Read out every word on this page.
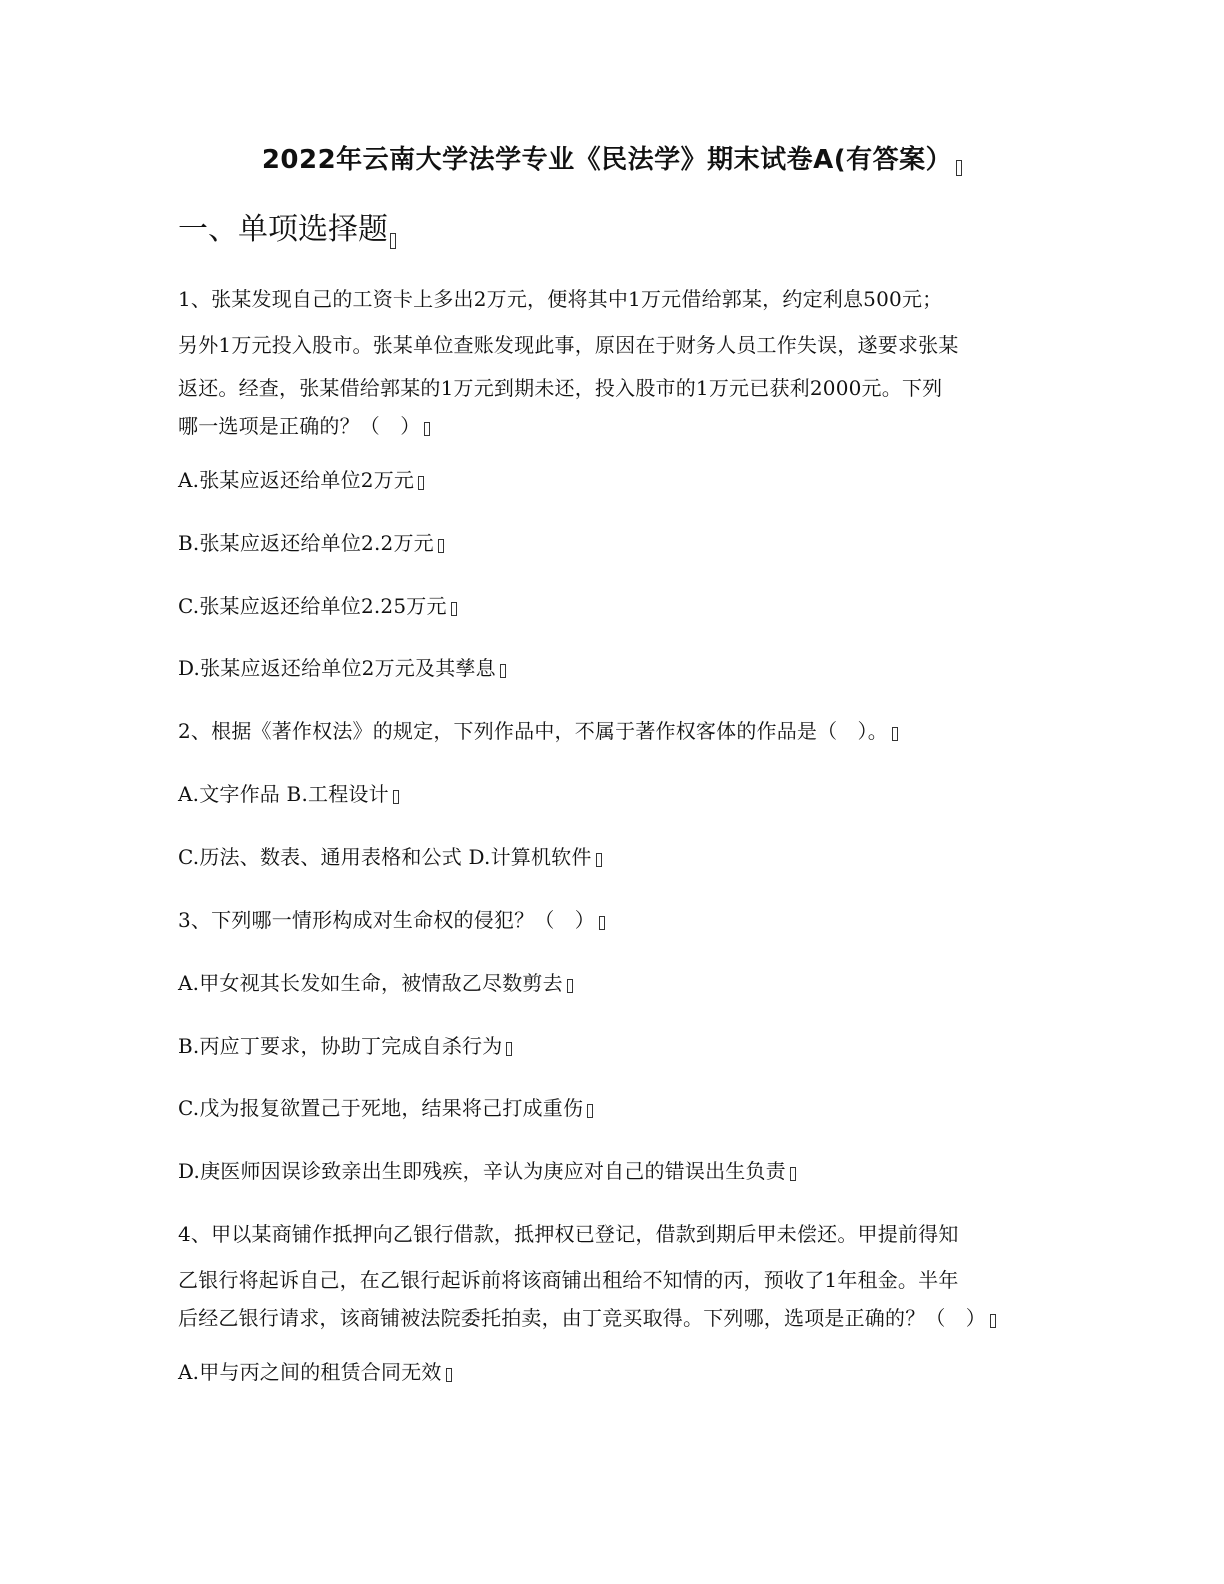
2022年云南大学法学专业《民法学》期末试卷A(有答案）
一、单项选择题
1、张某发现自己的工资卡上多出2万元，便将其中1万元借给郭某，约定利息500元；
另外1万元投入股市。张某单位查账发现此事，原因在于财务人员工作失误，遂要求张某
返还。经查，张某借给郭某的1万元到期未还，投入股市的1万元已获利2000元。下列
哪一选项是正确的？（　）
A.张某应返还给单位2万元
B.张某应返还给单位2.2万元
C.张某应返还给单位2.25万元
D.张某应返还给单位2万元及其孳息
2、根据《著作权法》的规定，下列作品中，不属于著作权客体的作品是（　）。
A.文字作品 B.工程设计
C.历法、数表、通用表格和公式 D.计算机软件
3、下列哪一情形构成对生命权的侵犯？（　）
A.甲女视其长发如生命，被情敌乙尽数剪去
B.丙应丁要求，协助丁完成自杀行为
C.戊为报复欲置己于死地，结果将己打成重伤
D.庚医师因误诊致亲出生即残疾，辛认为庚应对自己的错误出生负责
4、甲以某商铺作抵押向乙银行借款，抵押权已登记，借款到期后甲未偿还。甲提前得知
乙银行将起诉自己，在乙银行起诉前将该商铺出租给不知情的丙，预收了1年租金。半年
后经乙银行请求，该商铺被法院委托拍卖，由丁竞买取得。下列哪，选项是正确的？（　）
A.甲与丙之间的租赁合同无效
